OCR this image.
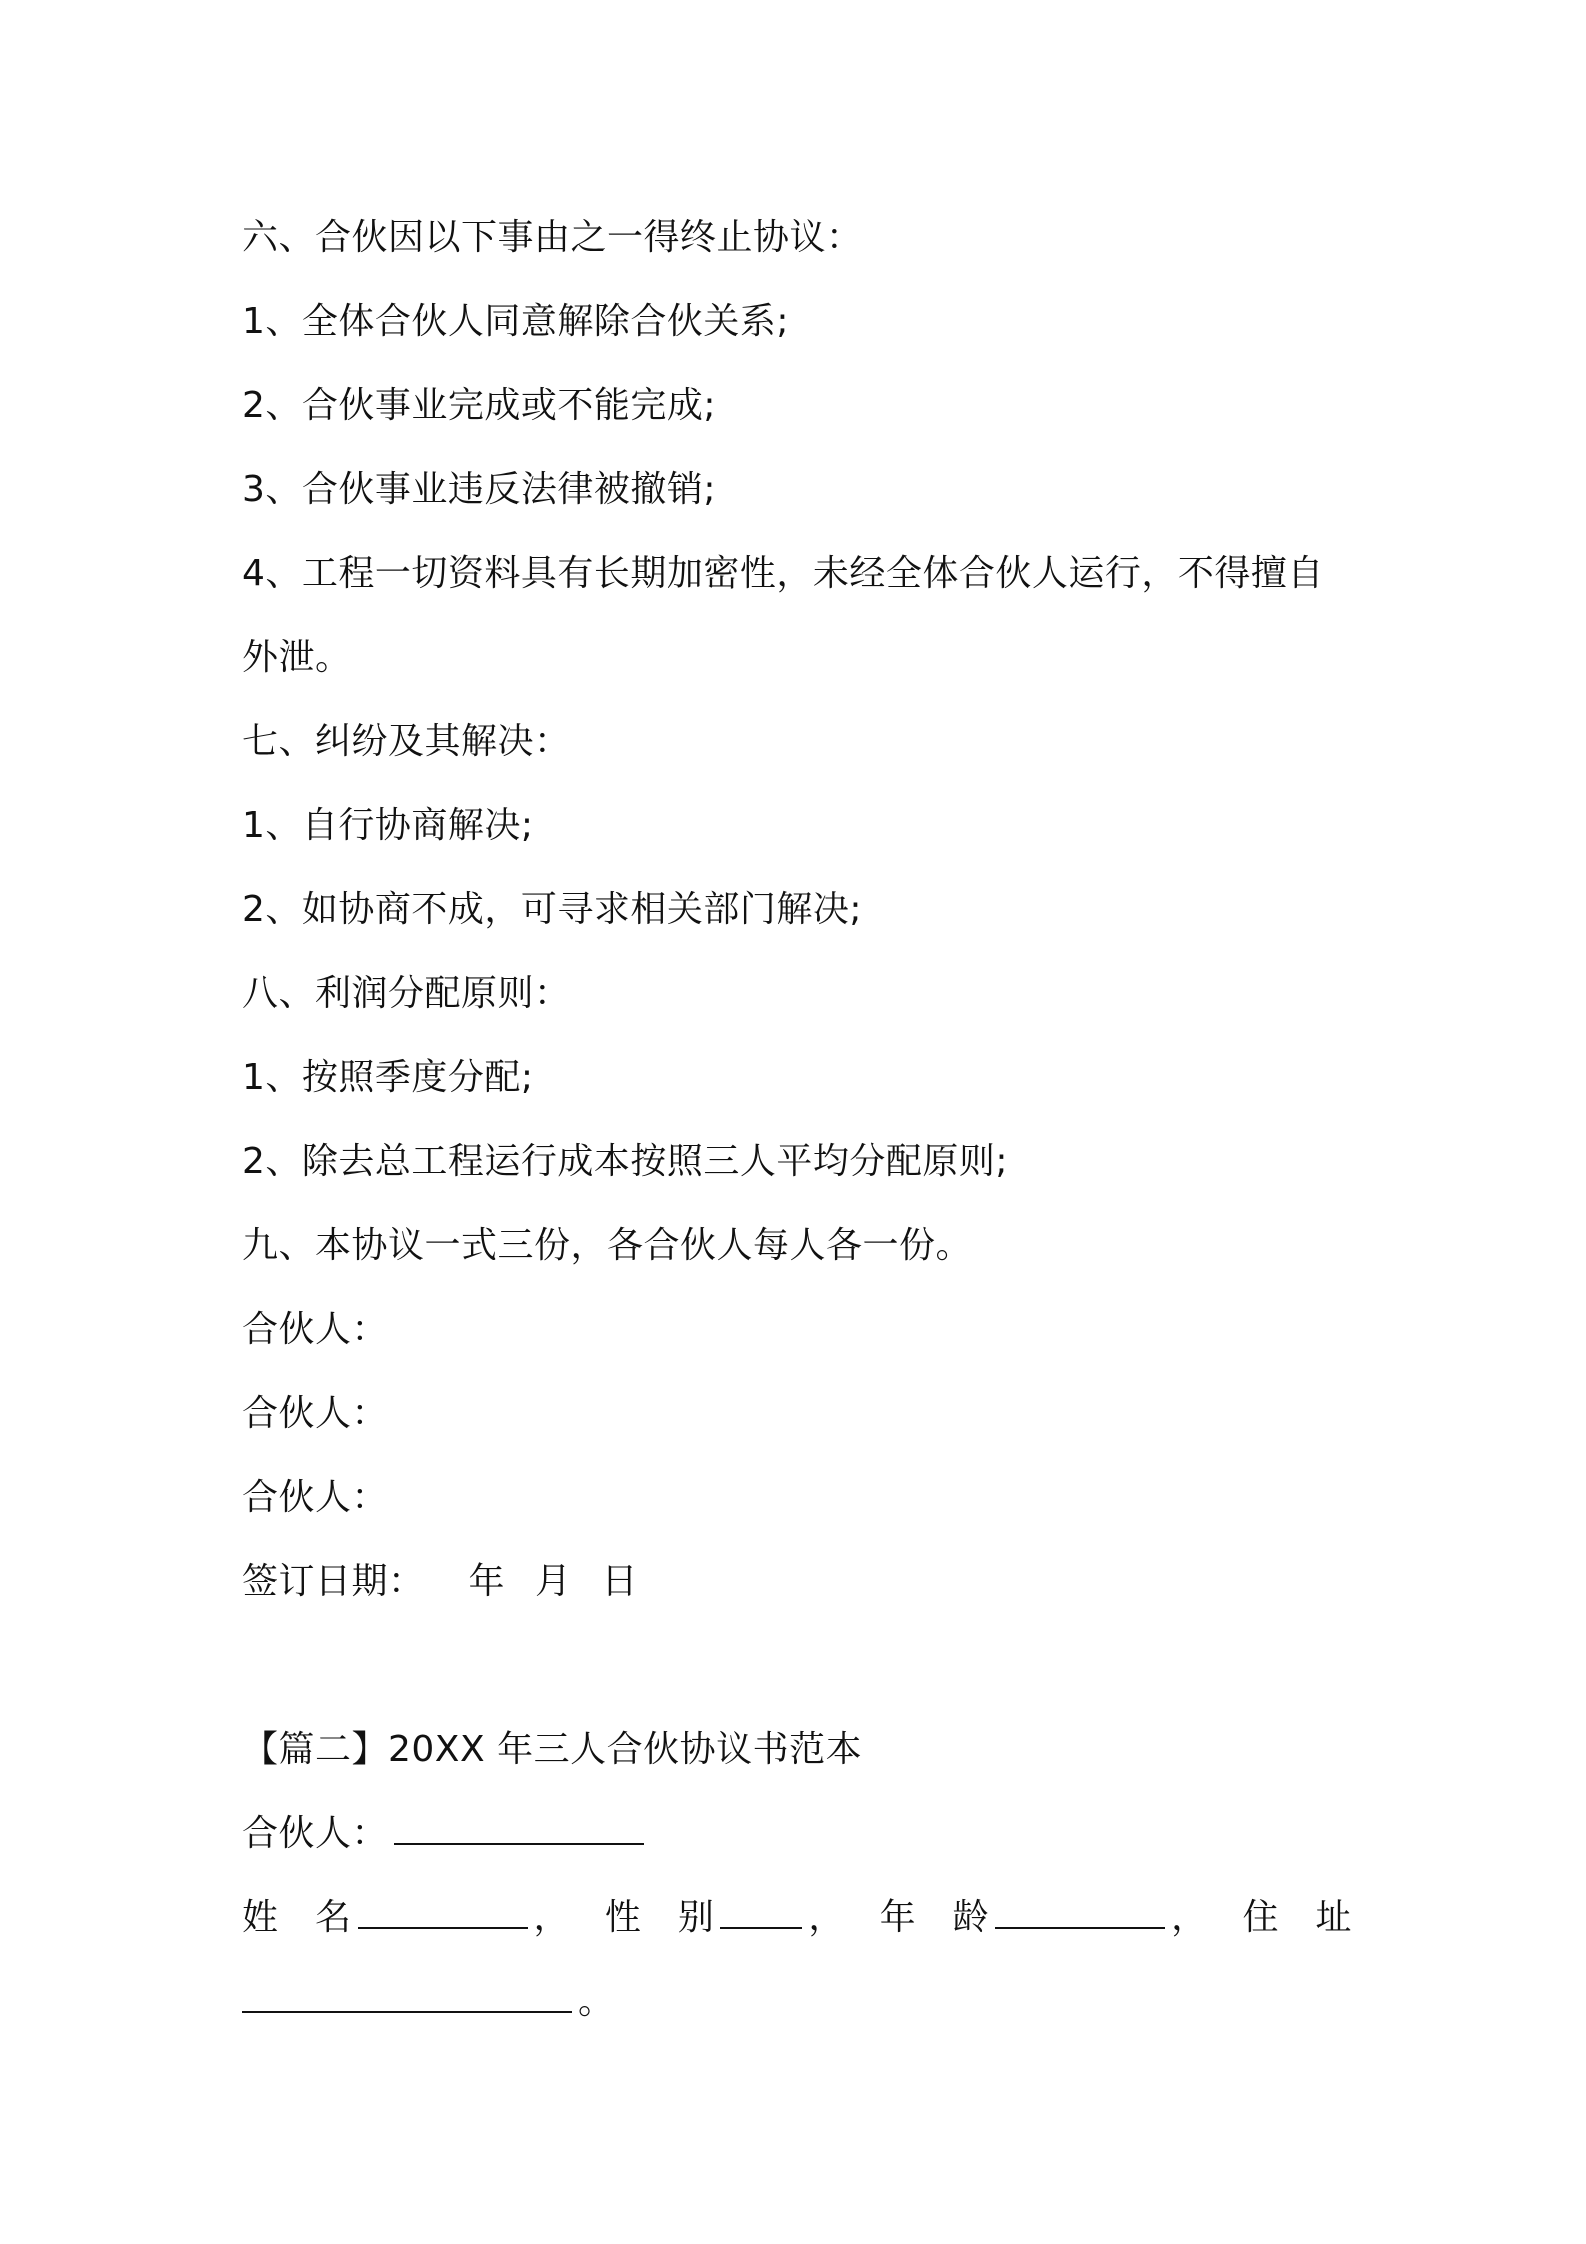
六、合伙因以下事由之一得终止协议：
1、全体合伙人同意解除合伙关系;
2、合伙事业完成或不能完成;
3、合伙事业违反法律被撤销;
4、工程一切资料具有长期加密性，未经全体合伙人运行，不得擅自
外泄。
七、纠纷及其解决：
1、自行协商解决;
2、如协商不成，可寻求相关部门解决;
八、利润分配原则：
1、按照季度分配;
2、除去总工程运行成本按照三人平均分配原则;
九、本协议一式三份，各合伙人每人各一份。
合伙人：
合伙人：
合伙人：
签订日期： 年 月 日
【篇二】20XX 年三人合伙协议书范本
合伙人：
姓　名	， 性　别	， 年　龄	， 住　址
。
